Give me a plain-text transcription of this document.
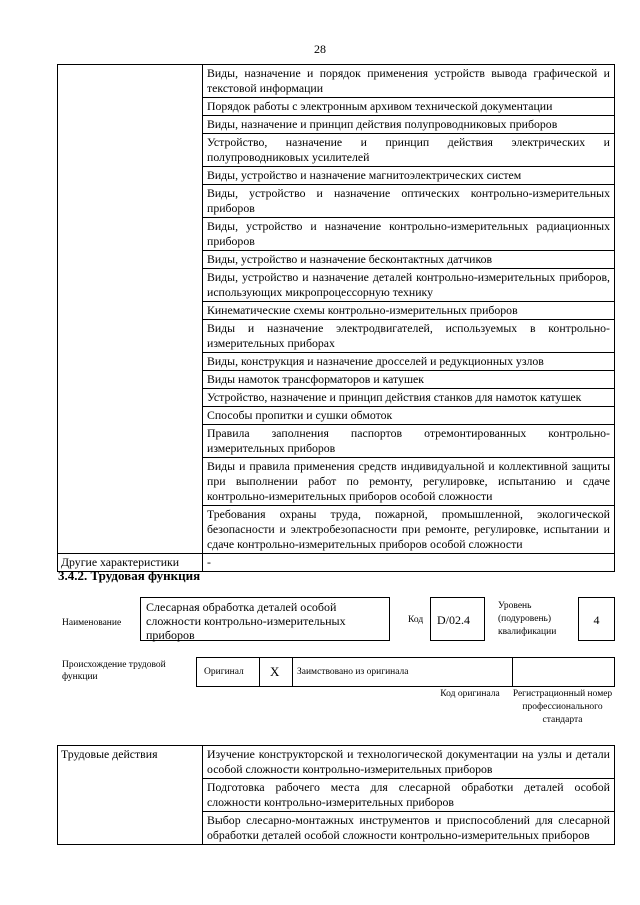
28
	Виды, назначение и порядок применения устройств вывода графической и текстовой информации
	Порядок работы с электронным архивом технической документации
	Виды, назначение и принцип действия полупроводниковых приборов
	Устройство, назначение и принцип действия электрических и полупроводниковых усилителей
	Виды, устройство и назначение магнитоэлектрических систем
	Виды, устройство и назначение оптических контрольно-измерительных приборов
	Виды, устройство и назначение контрольно-измерительных радиационных приборов
	Виды, устройство и назначение бесконтактных датчиков
	Виды, устройство и назначение деталей контрольно-измерительных приборов, использующих микропроцессорную технику
	Кинематические схемы контрольно-измерительных приборов
	Виды и назначение электродвигателей, используемых в контрольно-измерительных приборах
	Виды, конструкция и назначение дросселей и редукционных узлов
	Виды намоток трансформаторов и катушек
	Устройство, назначение и принцип действия станков для намоток катушек
	Способы пропитки и сушки обмоток
	Правила заполнения паспортов отремонтированных контрольно-измерительных приборов
	Виды и правила применения средств индивидуальной и коллективной защиты при выполнении работ по ремонту, регулировке, испытанию и сдаче контрольно-измерительных приборов особой сложности
	Требования охраны труда, пожарной, промышленной, экологической безопасности и электробезопасности при ремонте, регулировке, испытании и сдаче контрольно-измерительных приборов особой сложности
Другие характеристики	-
3.4.2. Трудовая функция
Наименование
Слесарная обработка деталей особой сложности контрольно-измерительных приборов
Код	D/02.4
Уровень (подуровень) квалификации
4
Происхождение трудовой функции	Оригинал X Заимствовано из оригинала
Код оригинала Регистрационный номер профессионального стандарта
Трудовые действия	Изучение конструкторской и технологической документации на узлы и детали особой сложности контрольно-измерительных приборов
Подготовка рабочего места для слесарной обработки деталей особой сложности контрольно-измерительных приборов
Выбор слесарно-монтажных инструментов и приспособлений для слесарной обработки деталей особой сложности контрольно-измерительных приборов
